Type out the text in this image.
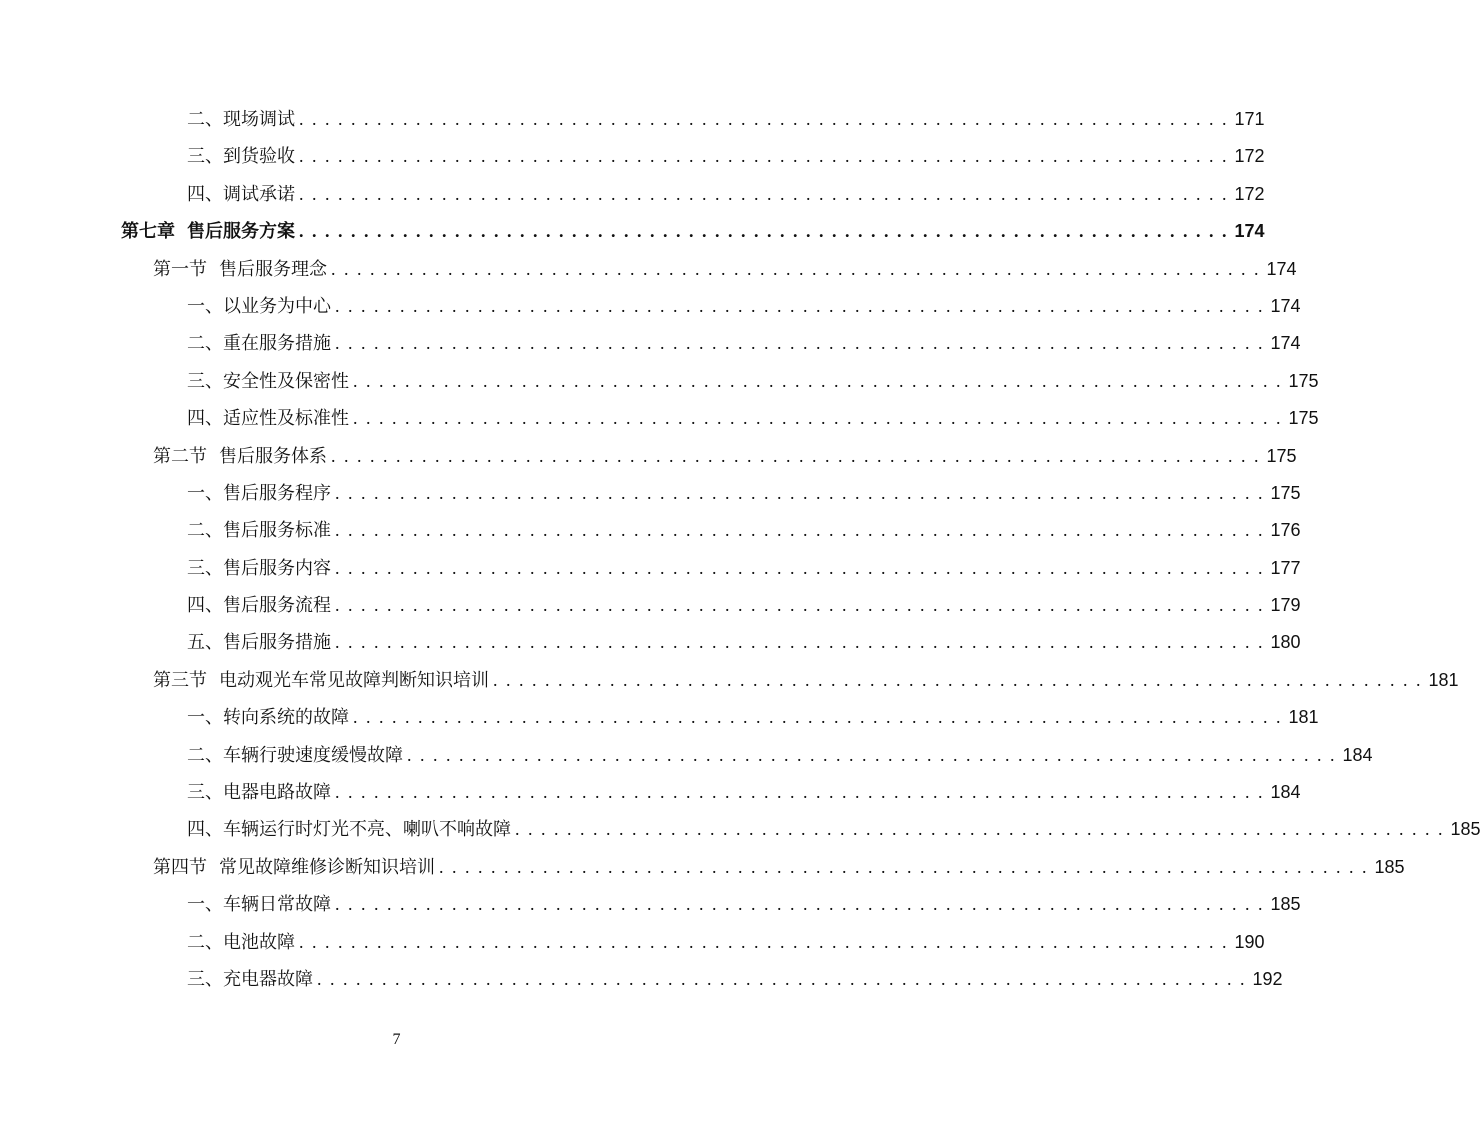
二、 现场调试 . . . . . . . . . . . . . . . . . . . . . . . . . . . . . . . . . . . . . . . . . . . . . . . . . . . . . . . . . . . . . . . . . . . . . . . . 171
三、 到货验收 . . . . . . . . . . . . . . . . . . . . . . . . . . . . . . . . . . . . . . . . . . . . . . . . . . . . . . . . . . . . . . . . . . . . . . . . 172
四、 调试承诺 . . . . . . . . . . . . . . . . . . . . . . . . . . . . . . . . . . . . . . . . . . . . . . . . . . . . . . . . . . . . . . . . . . . . . . . . 172
第七章 售后服务方案 . . . . . . . . . . . . . . . . . . . . . . . . . . . . . . . . . . . . . . . . . . . . . . . . . . . . . . . . . . . . . . . . . . . . . . . . 174
第一节 售后服务理念 . . . . . . . . . . . . . . . . . . . . . . . . . . . . . . . . . . . . . . . . . . . . . . . . . . . . . . . . . . . . . . . . . . . . . . . . 174
一、 以业务为中心 . . . . . . . . . . . . . . . . . . . . . . . . . . . . . . . . . . . . . . . . . . . . . . . . . . . . . . . . . . . . . . . . . . . . . . . . 174
二、 重在服务措施 . . . . . . . . . . . . . . . . . . . . . . . . . . . . . . . . . . . . . . . . . . . . . . . . . . . . . . . . . . . . . . . . . . . . . . . . 174
三、 安全性及保密性 . . . . . . . . . . . . . . . . . . . . . . . . . . . . . . . . . . . . . . . . . . . . . . . . . . . . . . . . . . . . . . . . . . . . . . . . 175
四、 适应性及标准性 . . . . . . . . . . . . . . . . . . . . . . . . . . . . . . . . . . . . . . . . . . . . . . . . . . . . . . . . . . . . . . . . . . . . . . . . 175
第二节 售后服务体系 . . . . . . . . . . . . . . . . . . . . . . . . . . . . . . . . . . . . . . . . . . . . . . . . . . . . . . . . . . . . . . . . . . . . . . . . 175
一、 售后服务程序 . . . . . . . . . . . . . . . . . . . . . . . . . . . . . . . . . . . . . . . . . . . . . . . . . . . . . . . . . . . . . . . . . . . . . . . . 175
二、 售后服务标准 . . . . . . . . . . . . . . . . . . . . . . . . . . . . . . . . . . . . . . . . . . . . . . . . . . . . . . . . . . . . . . . . . . . . . . . . 176
三、 售后服务内容 . . . . . . . . . . . . . . . . . . . . . . . . . . . . . . . . . . . . . . . . . . . . . . . . . . . . . . . . . . . . . . . . . . . . . . . . 177
四、 售后服务流程 . . . . . . . . . . . . . . . . . . . . . . . . . . . . . . . . . . . . . . . . . . . . . . . . . . . . . . . . . . . . . . . . . . . . . . . . 179
五、 售后服务措施 . . . . . . . . . . . . . . . . . . . . . . . . . . . . . . . . . . . . . . . . . . . . . . . . . . . . . . . . . . . . . . . . . . . . . . . . 180
第三节 电动观光车常见故障判断知识培训 . . . . . . . . . . . . . . . . . . . . . . . . . . . . . . . . . . . . . . . . . . . . . . . . . . . . . . . . . . . . . . . . . . . . . . . . 181
一、 转向系统的故障 . . . . . . . . . . . . . . . . . . . . . . . . . . . . . . . . . . . . . . . . . . . . . . . . . . . . . . . . . . . . . . . . . . . . . . . . 181
二、 车辆行驶速度缓慢故障 . . . . . . . . . . . . . . . . . . . . . . . . . . . . . . . . . . . . . . . . . . . . . . . . . . . . . . . . . . . . . . . . . . . . . . . . 184
三、 电器电路故障 . . . . . . . . . . . . . . . . . . . . . . . . . . . . . . . . . . . . . . . . . . . . . . . . . . . . . . . . . . . . . . . . . . . . . . . . 184
四、 车辆运行时灯光不亮、喇叭不响故障 . . . . . . . . . . . . . . . . . . . . . . . . . . . . . . . . . . . . . . . . . . . . . . . . . . . . . . . . . . . . . . . . . . . . . . . . 185
第四节 常见故障维修诊断知识培训 . . . . . . . . . . . . . . . . . . . . . . . . . . . . . . . . . . . . . . . . . . . . . . . . . . . . . . . . . . . . . . . . . . . . . . . . 185
一、 车辆日常故障 . . . . . . . . . . . . . . . . . . . . . . . . . . . . . . . . . . . . . . . . . . . . . . . . . . . . . . . . . . . . . . . . . . . . . . . . 185
二、 电池故障 . . . . . . . . . . . . . . . . . . . . . . . . . . . . . . . . . . . . . . . . . . . . . . . . . . . . . . . . . . . . . . . . . . . . . . . . 190
三、 充电器故障 . . . . . . . . . . . . . . . . . . . . . . . . . . . . . . . . . . . . . . . . . . . . . . . . . . . . . . . . . . . . . . . . . . . . . . . . 192
7
